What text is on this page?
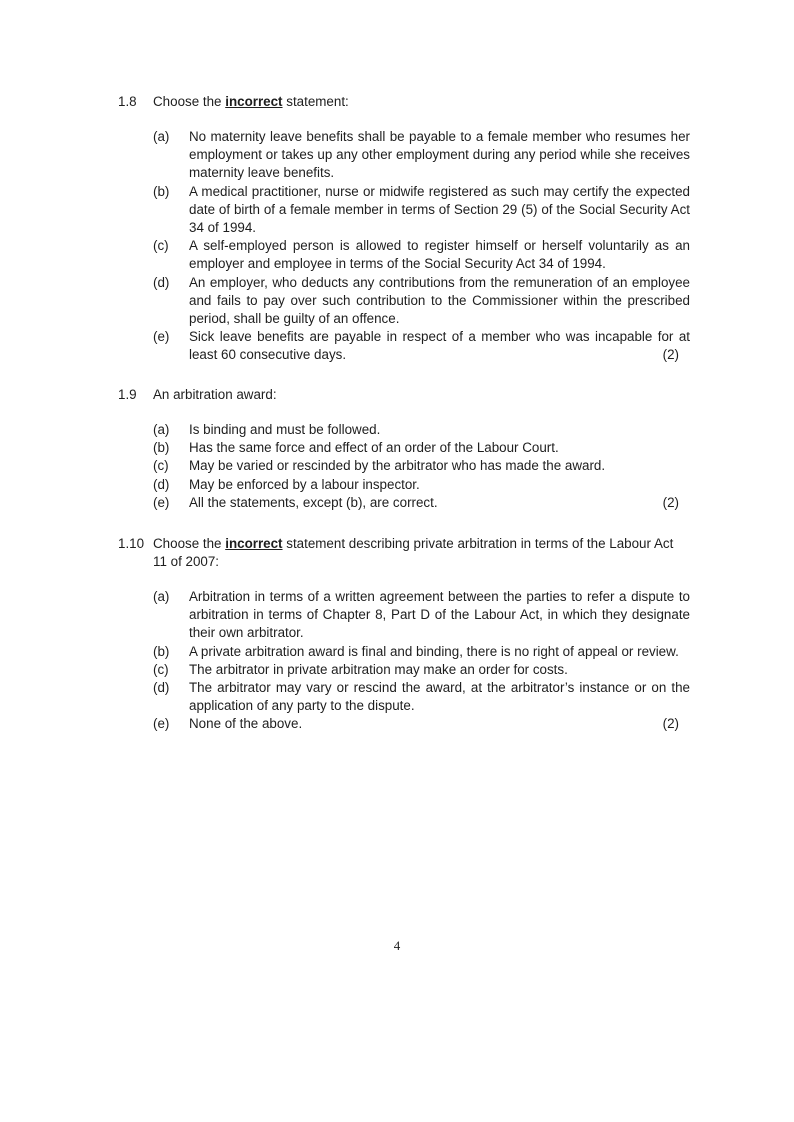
1.8 Choose the incorrect statement:
(a) No maternity leave benefits shall be payable to a female member who resumes her employment or takes up any other employment during any period while she receives maternity leave benefits.
(b) A medical practitioner, nurse or midwife registered as such may certify the expected date of birth of a female member in terms of Section 29 (5) of the Social Security Act 34 of 1994.
(c) A self-employed person is allowed to register himself or herself voluntarily as an employer and employee in terms of the Social Security Act 34 of 1994.
(d) An employer, who deducts any contributions from the remuneration of an employee and fails to pay over such contribution to the Commissioner within the prescribed period, shall be guilty of an offence.
(e) Sick leave benefits are payable in respect of a member who was incapable for at least 60 consecutive days.	(2)
1.9 An arbitration award:
(a) Is binding and must be followed.
(b) Has the same force and effect of an order of the Labour Court.
(c) May be varied or rescinded by the arbitrator who has made the award.
(d) May be enforced by a labour inspector.
(e) All the statements, except (b), are correct.	(2)
1.10 Choose the incorrect statement describing private arbitration in terms of the Labour Act 11 of 2007:
(a) Arbitration in terms of a written agreement between the parties to refer a dispute to arbitration in terms of Chapter 8, Part D of the Labour Act, in which they designate their own arbitrator.
(b) A private arbitration award is final and binding, there is no right of appeal or review.
(c) The arbitrator in private arbitration may make an order for costs.
(d) The arbitrator may vary or rescind the award, at the arbitrator’s instance or on the application of any party to the dispute.
(e) None of the above.	(2)
4
